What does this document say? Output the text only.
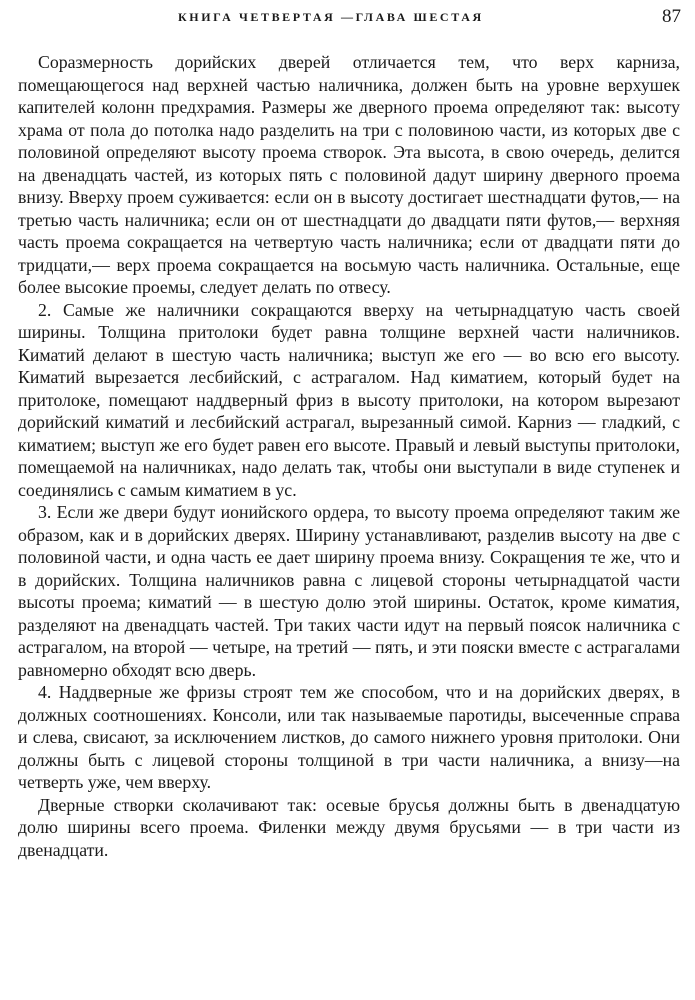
КНИГА ЧЕТВЕРТАЯ —ГЛАВА ШЕСТАЯ	87

Соразмерность дорийских дверей отличается тем, что верх карниза, помещающегося над верхней частью наличника, должен быть на уровне верхушек капителей колонн предхрамия. Размеры же дверного проема определяют так: высоту храма от пола до потолка надо разделить на три с половиною части, из которых две с половиной определяют высоту проема створок. Эта высота, в свою очередь, делится на двенадцать частей, из которых пять с половиной дадут ширину дверного проема внизу. Вверху проем суживается: если он в высоту достигает шестнадцати футов,— на третью часть наличника; если он от шестнадцати до двадцати пяти футов,— верхняя часть проема сокращается на четвертую часть наличника; если от двадцати пяти до тридцати,— верх проема сокращается на восьмую часть наличника. Остальные, еще более высокие проемы, следует делать по отвесу.

2. Самые же наличники сокращаются вверху на четырнадцатую часть своей ширины. Толщина притолоки будет равна толщине верхней части наличников. Киматий делают в шестую часть наличника; выступ же его — во всю его высоту. Киматий вырезается лесбийский, с астрагалом. Над киматием, который будет на притолоке, помещают наддверный фриз в высоту притолоки, на котором вырезают дорийский киматий и лесбийский астрагал, вырезанный симой. Карниз — гладкий, с киматием; выступ же его будет равен его высоте. Правый и левый выступы притолоки, помещаемой на наличниках, надо делать так, чтобы они выступали в виде ступенек и соединялись с самым киматием в ус.

3. Если же двери будут ионийского ордера, то высоту проема определяют таким же образом, как и в дорийских дверях. Ширину устанавливают, разделив высоту на две с половиной части, и одна часть ее дает ширину проема внизу. Сокращения те же, что и в дорийских. Толщина наличников равна с лицевой стороны четырнадцатой части высоты проема; киматий — в шестую долю этой ширины. Остаток, кроме киматия, разделяют на двенадцать частей. Три таких части идут на первый поясок наличника с астрагалом, на второй — четыре, на третий — пять, и эти пояски вместе с астрагалами равномерно обходят всю дверь.

4. Наддверные же фризы строят тем же способом, что и на дорийских дверях, в должных соотношениях. Консоли, или так называемые паротиды, высеченные справа и слева, свисают, за исключением листков, до самого нижнего уровня притолоки. Они должны быть с лицевой стороны толщиной в три части наличника, а внизу—на четверть уже, чем вверху.

Дверные створки сколачивают так: осевые брусья должны быть в двенадцатую долю ширины всего проема. Филенки между двумя брусьями — в три части из двенадцати.
